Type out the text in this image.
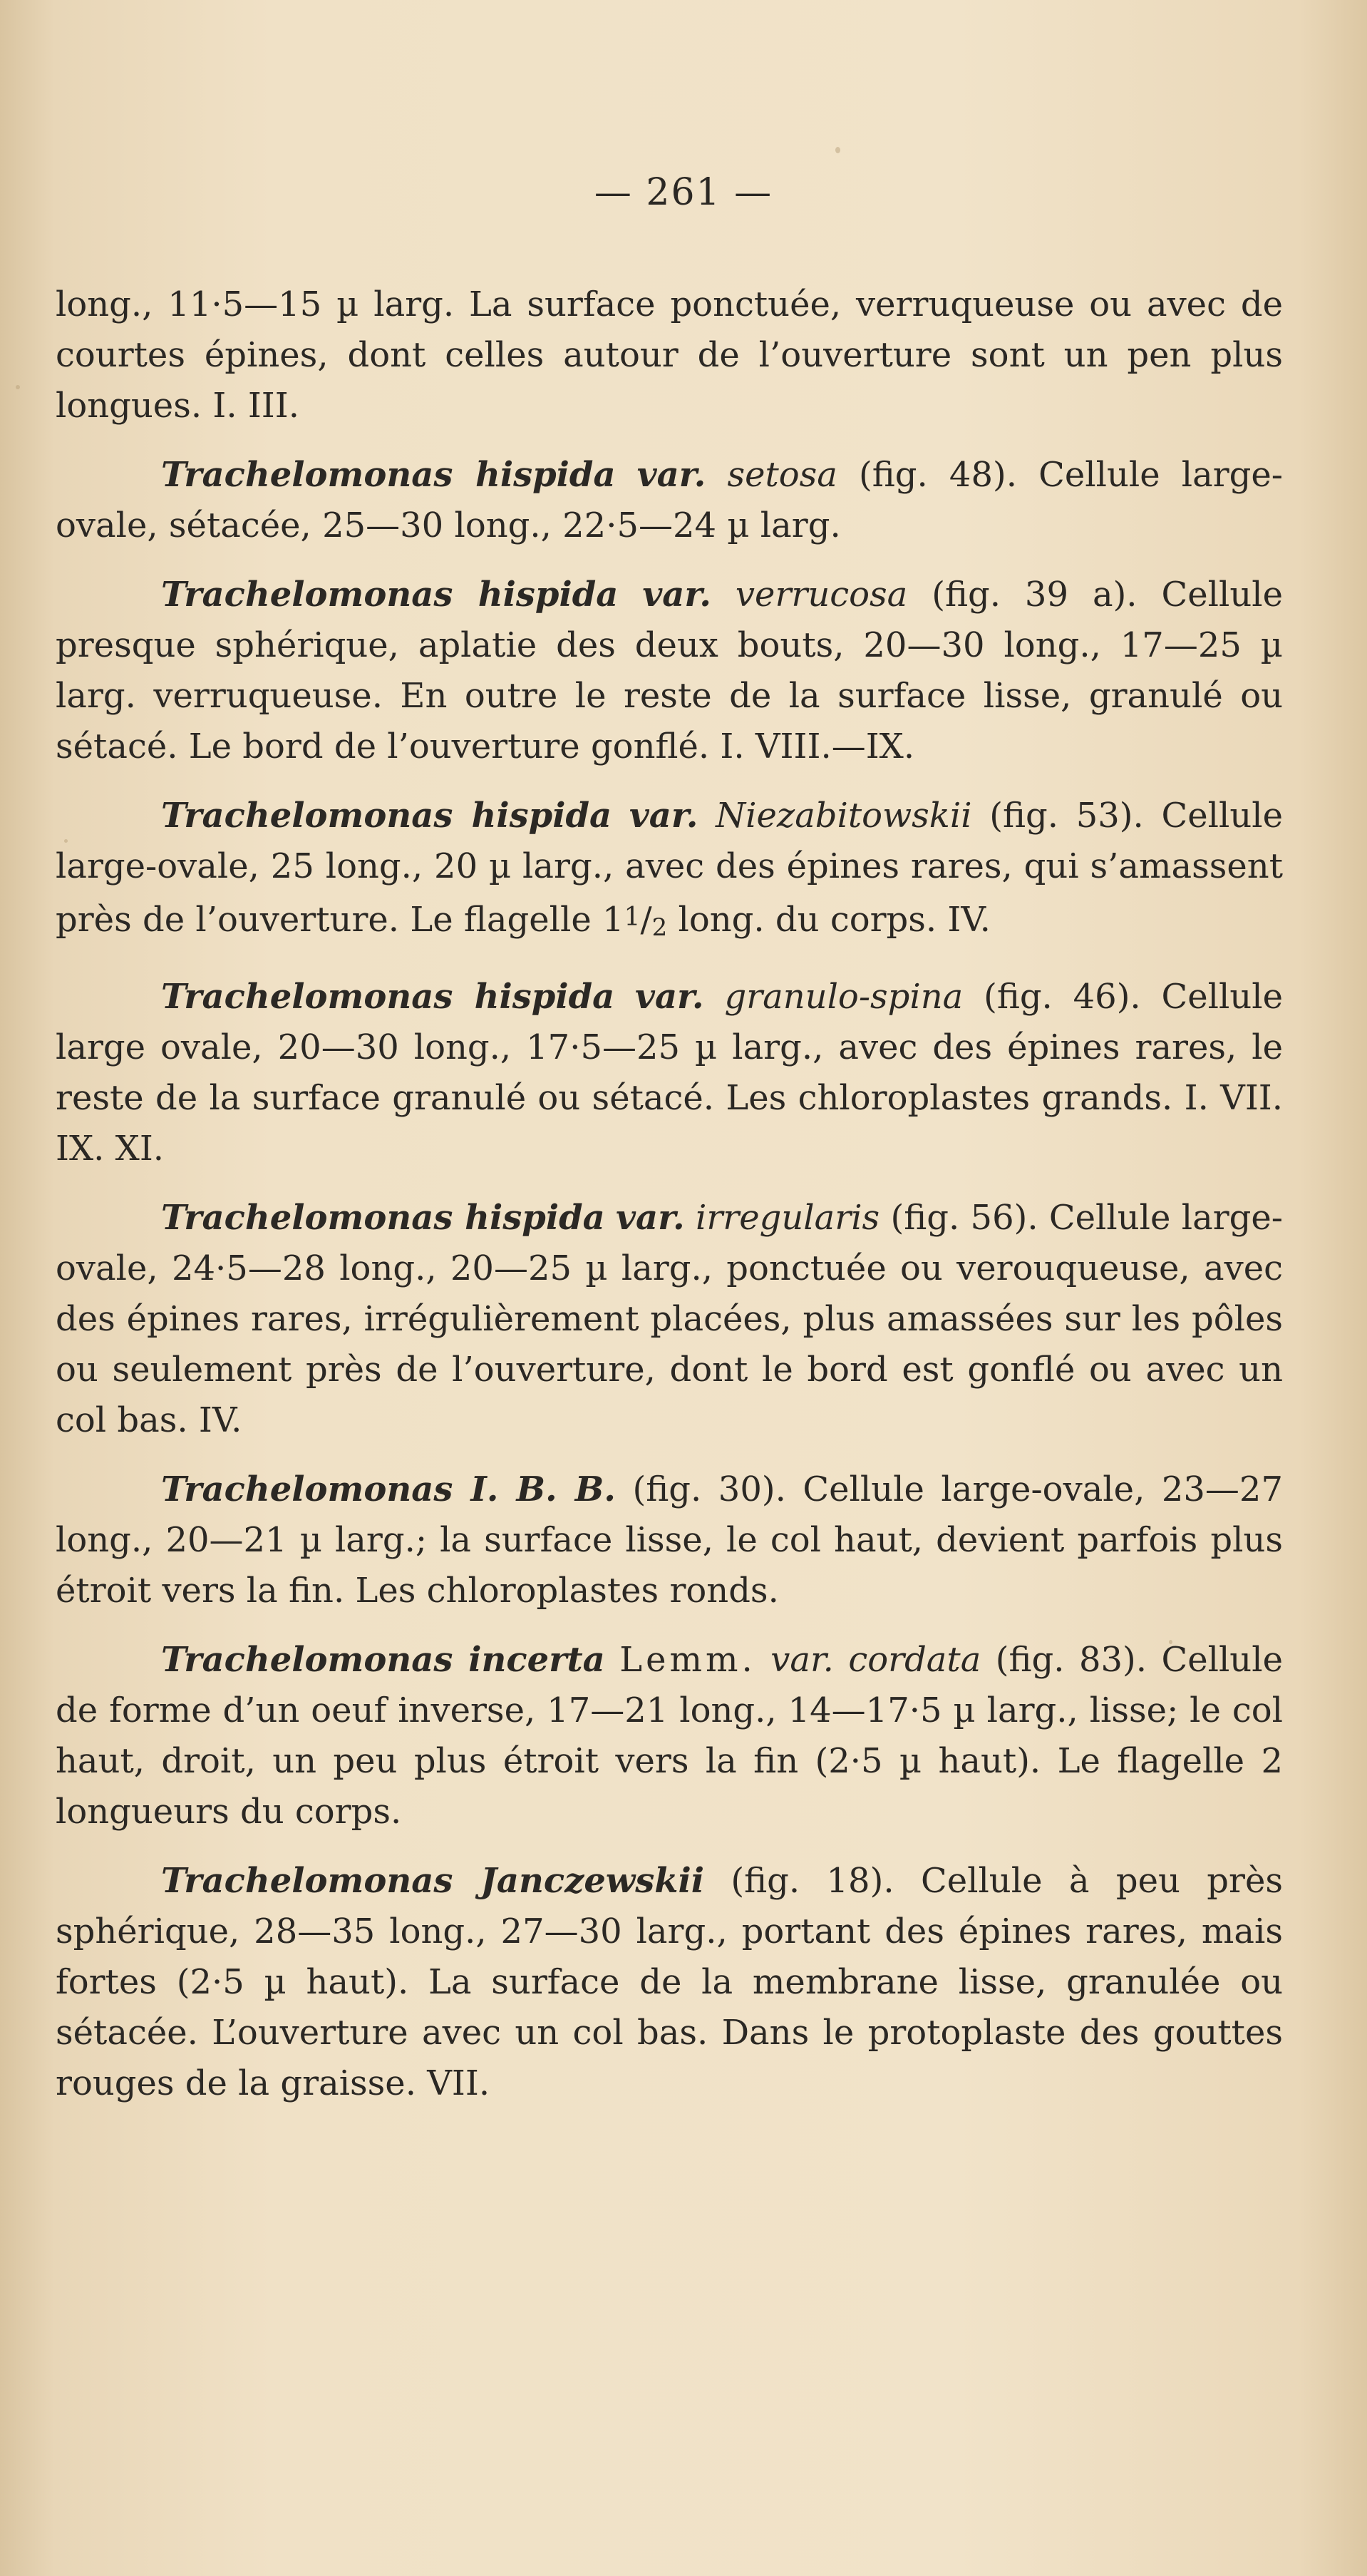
— 261 —

long., 11·5—15 µ larg. La surface ponctuée, verruqueuse ou avec de courtes épines, dont celles autour de l’ouverture sont un pen plus longues. I. III.

Trachelomonas hispida var. setosa (fig. 48). Cellule large-ovale, sétacée, 25—30 long., 22·5—24 µ larg.

Trachelomonas hispida var. verrucosa (fig. 39 a). Cellule presque sphérique, aplatie des deux bouts, 20—30 long., 17—25 µ larg. verruqueuse. En outre le reste de la surface lisse, granulé ou sétacé. Le bord de l’ouverture gonflé. I. VIII.—IX.

Trachelomonas hispida var. Niezabitowskii (fig. 53). Cellule large-ovale, 25 long., 20 µ larg., avec des épines rares, qui s’amassent près de l’ouverture. Le flagelle 11/2 long. du corps. IV.

Trachelomonas hispida var. granulo-spina (fig. 46). Cellule large ovale, 20—30 long., 17·5—25 µ larg., avec des épines rares, le reste de la surface granulé ou sétacé. Les chloroplastes grands. I. VII. IX. XI.

Trachelomonas hispida var. irregularis (fig. 56). Cellule large-ovale, 24·5—28 long., 20—25 µ larg., ponctuée ou verouqueuse, avec des épines rares, irrégulièrement placées, plus amassées sur les pôles ou seulement près de l’ouverture, dont le bord est gonflé ou avec un col bas. IV.

Trachelomonas I. B. B. (fig. 30). Cellule large-ovale, 23—27 long., 20—21 µ larg.; la surface lisse, le col haut, devient parfois plus étroit vers la fin. Les chloroplastes ronds.

Trachelomonas incerta Lemm. var. cordata (fig. 83). Cellule de forme d’un oeuf inverse, 17—21 long., 14—17·5 µ larg., lisse; le col haut, droit, un peu plus étroit vers la fin (2·5 µ haut). Le flagelle 2 longueurs du corps.

Trachelomonas Janczewskii (fig. 18). Cellule à peu près sphérique, 28—35 long., 27—30 larg., portant des épines rares, mais fortes (2·5 µ haut). La surface de la membrane lisse, granulée ou sétacée. L’ouverture avec un col bas. Dans le protoplaste des gouttes rouges de la graisse. VII.
